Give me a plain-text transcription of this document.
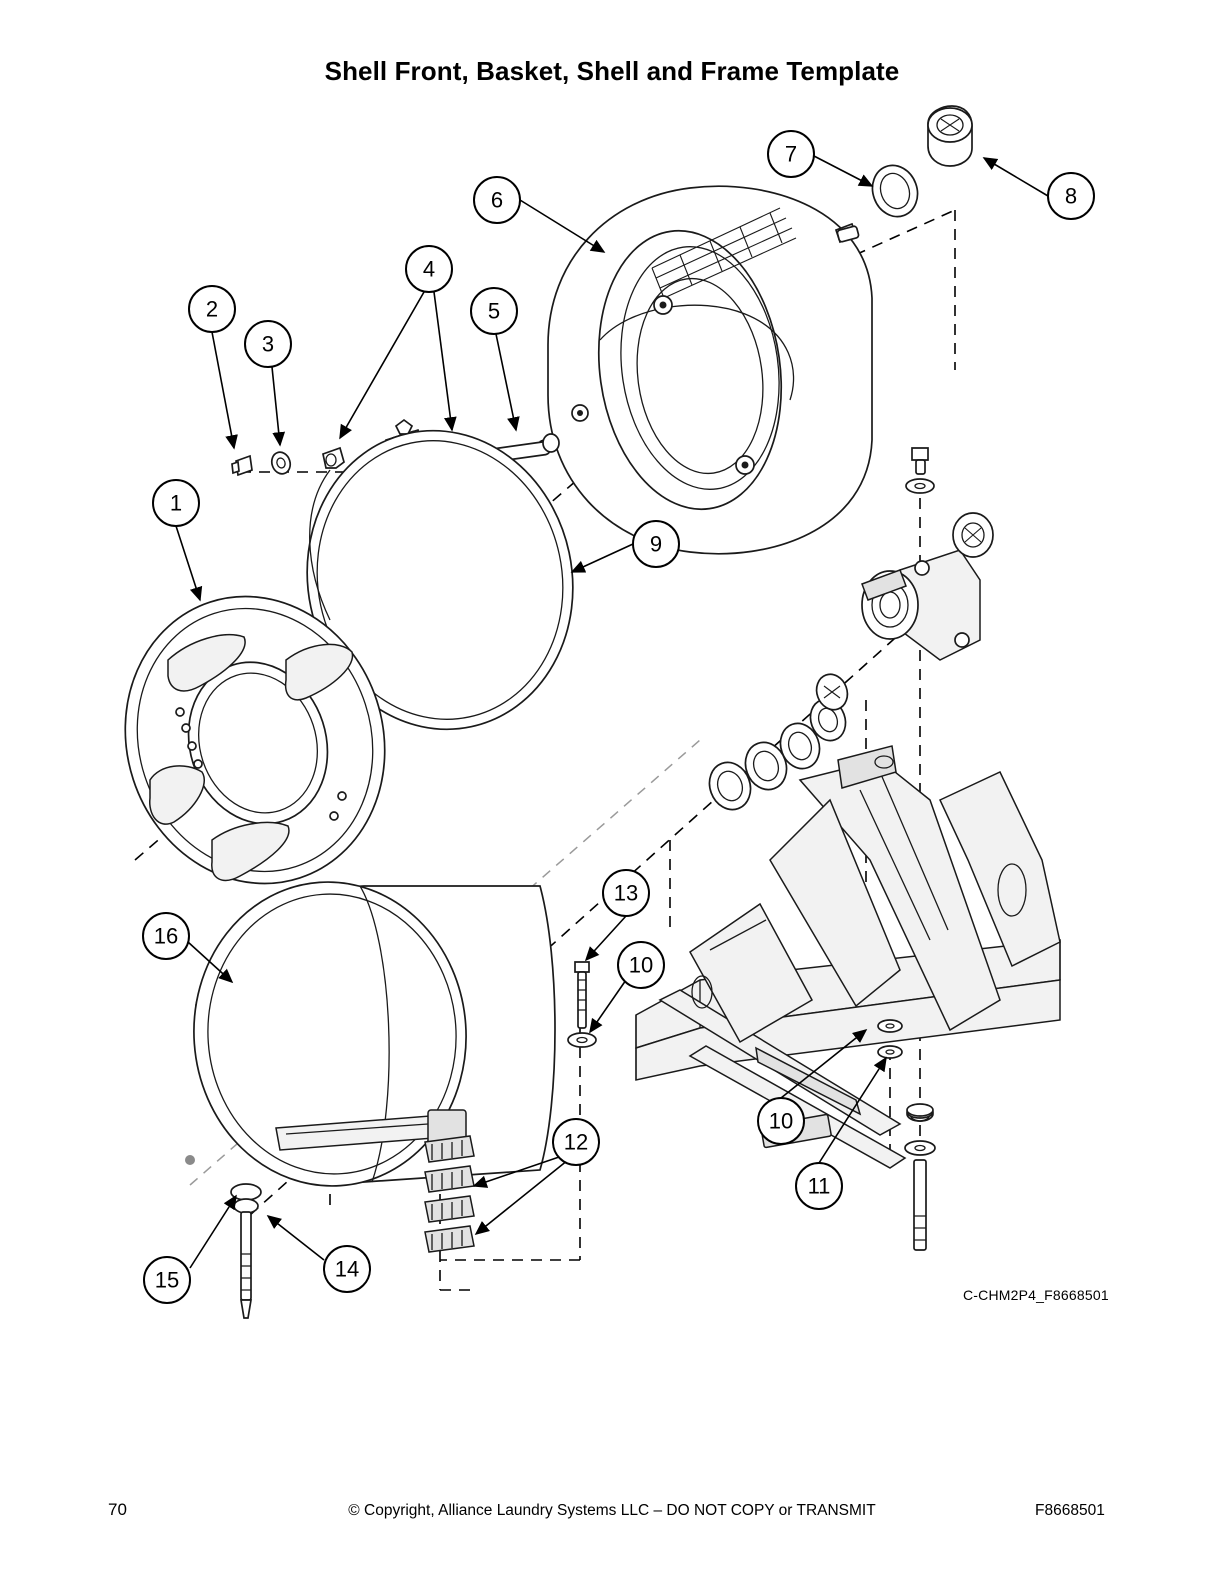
Shell Front, Basket, Shell and Frame Template
1
2
3
4
5
6
7
8
9
10
10
11
12
13
14
15
16
C-CHM2P4_F8668501
70	© Copyright, Alliance Laundry Systems LLC – DO NOT COPY or TRANSMIT	F8668501
